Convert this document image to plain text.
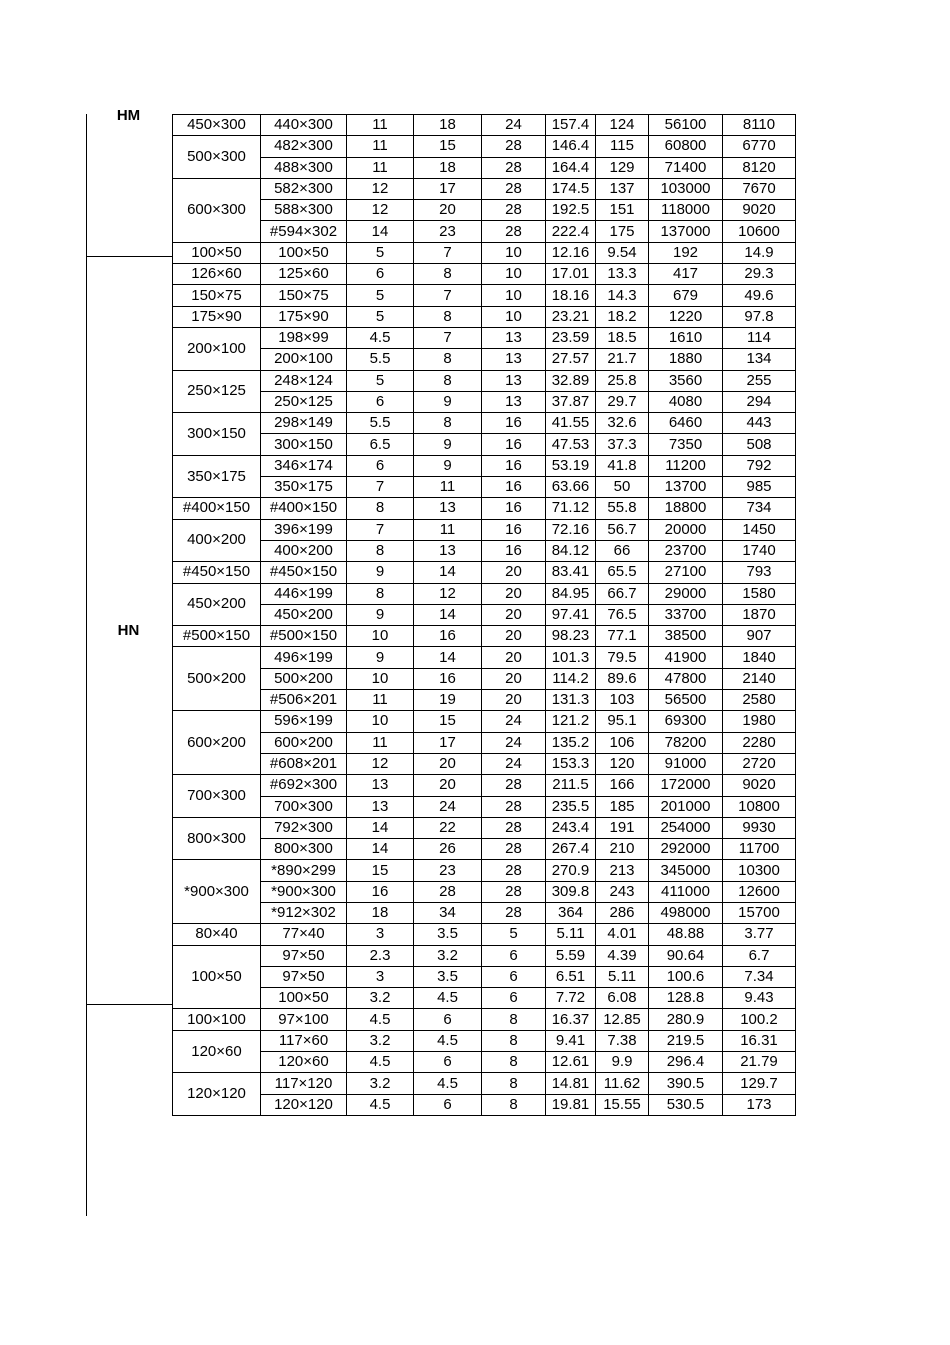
HM
HN
450×300	440×300	11	18	24	157.4	124	56100	8110
500×300	482×300	11	15	28	146.4	115	60800	6770
	488×300	11	18	28	164.4	129	71400	8120
600×300	582×300	12	17	28	174.5	137	103000	7670
	588×300	12	20	28	192.5	151	118000	9020
	#594×302	14	23	28	222.4	175	137000	10600
100×50	100×50	5	7	10	12.16	9.54	192	14.9
126×60	125×60	6	8	10	17.01	13.3	417	29.3
150×75	150×75	5	7	10	18.16	14.3	679	49.6
175×90	175×90	5	8	10	23.21	18.2	1220	97.8
200×100	198×99	4.5	7	13	23.59	18.5	1610	114
	200×100	5.5	8	13	27.57	21.7	1880	134
250×125	248×124	5	8	13	32.89	25.8	3560	255
	250×125	6	9	13	37.87	29.7	4080	294
300×150	298×149	5.5	8	16	41.55	32.6	6460	443
	300×150	6.5	9	16	47.53	37.3	7350	508
350×175	346×174	6	9	16	53.19	41.8	11200	792
	350×175	7	11	16	63.66	50	13700	985
#400×150	#400×150	8	13	16	71.12	55.8	18800	734
400×200	396×199	7	11	16	72.16	56.7	20000	1450
	400×200	8	13	16	84.12	66	23700	1740
#450×150	#450×150	9	14	20	83.41	65.5	27100	793
450×200	446×199	8	12	20	84.95	66.7	29000	1580
	450×200	9	14	20	97.41	76.5	33700	1870
#500×150	#500×150	10	16	20	98.23	77.1	38500	907
500×200	496×199	9	14	20	101.3	79.5	41900	1840
	500×200	10	16	20	114.2	89.6	47800	2140
	#506×201	11	19	20	131.3	103	56500	2580
600×200	596×199	10	15	24	121.2	95.1	69300	1980
	600×200	11	17	24	135.2	106	78200	2280
	#608×201	12	20	24	153.3	120	91000	2720
700×300	#692×300	13	20	28	211.5	166	172000	9020
	700×300	13	24	28	235.5	185	201000	10800
800×300	792×300	14	22	28	243.4	191	254000	9930
	800×300	14	26	28	267.4	210	292000	11700
*900×300	*890×299	15	23	28	270.9	213	345000	10300
	*900×300	16	28	28	309.8	243	411000	12600
	*912×302	18	34	28	364	286	498000	15700
80×40	77×40	3	3.5	5	5.11	4.01	48.88	3.77
100×50	97×50	2.3	3.2	6	5.59	4.39	90.64	6.7
	97×50	3	3.5	6	6.51	5.11	100.6	7.34
	100×50	3.2	4.5	6	7.72	6.08	128.8	9.43
100×100	97×100	4.5	6	8	16.37	12.85	280.9	100.2
120×60	117×60	3.2	4.5	8	9.41	7.38	219.5	16.31
	120×60	4.5	6	8	12.61	9.9	296.4	21.79
120×120	117×120	3.2	4.5	8	14.81	11.62	390.5	129.7
	120×120	4.5	6	8	19.81	15.55	530.5	173
